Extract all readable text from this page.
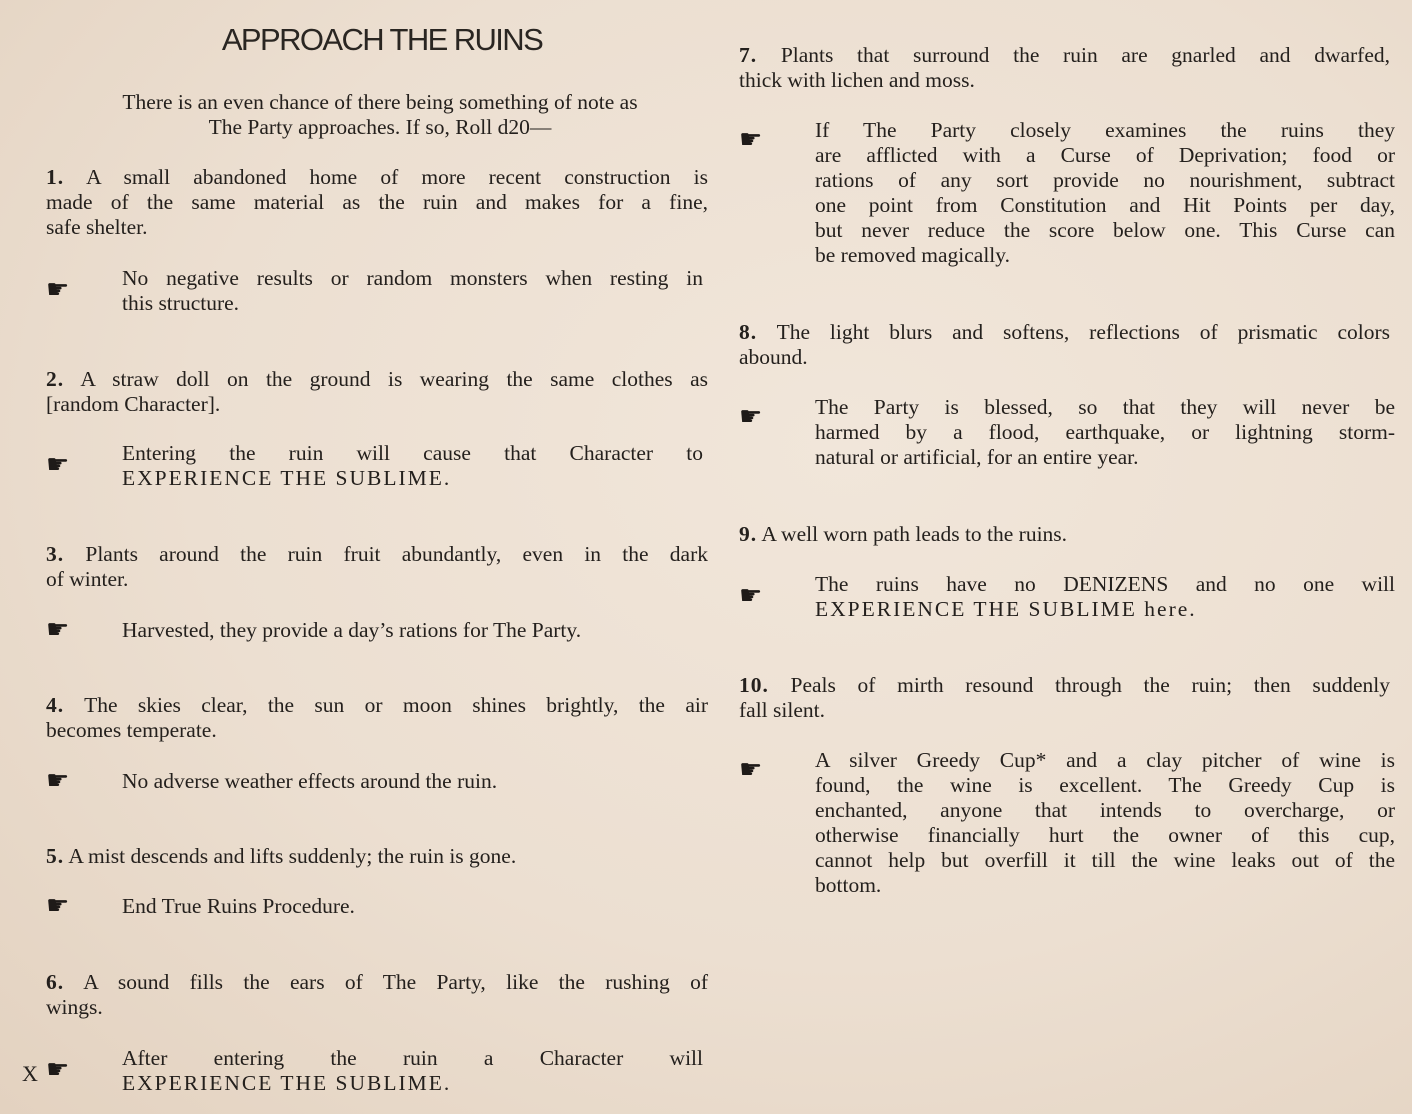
APPROACH THE RUINS
There is an even chance of there being something of note as
The Party approaches. If so, Roll d20—
1. A small abandoned home of more recent construction is
made of the same material as the ruin and makes for a fine,
safe shelter.
No negative results or random monsters when resting in
this structure.
☛
2. A straw doll on the ground is wearing the same clothes as
[random Character].
Entering the ruin will cause that Character to
EXPERIENCE THE SUBLIME.
☛
3. Plants around the ruin fruit abundantly, even in the dark
of winter.
Harvested, they provide a day’s rations for The Party.
☛
4. The skies clear, the sun or moon shines brightly, the air
becomes temperate.
No adverse weather effects around the ruin.
☛
5. A mist descends and lifts suddenly; the ruin is gone.
End True Ruins Procedure.
☛
6. A sound fills the ears of The Party, like the rushing of
wings.
After entering the ruin a Character will
EXPERIENCE THE SUBLIME.
☛
7. Plants that surround the ruin are gnarled and dwarfed,
thick with lichen and moss.
If The Party closely examines the ruins they
are afflicted with a Curse of Deprivation; food or
rations of any sort provide no nourishment, subtract
one point from Constitution and Hit Points per day,
but never reduce the score below one. This Curse can
be removed magically.
☛
8. The light blurs and softens, reflections of prismatic colors
abound.
The Party is blessed, so that they will never be
harmed by a flood, earthquake, or lightning storm-
natural or artificial, for an entire year.
☛
9. A well worn path leads to the ruins.
The ruins have no DENIZENS and no one will
EXPERIENCE THE SUBLIME here.
☛
10. Peals of mirth resound through the ruin; then suddenly
fall silent.
A silver Greedy Cup* and a clay pitcher of wine is
found, the wine is excellent. The Greedy Cup is
enchanted, anyone that intends to overcharge, or
otherwise financially hurt the owner of this cup,
cannot help but overfill it till the wine leaks out of the
bottom.
☛
X
